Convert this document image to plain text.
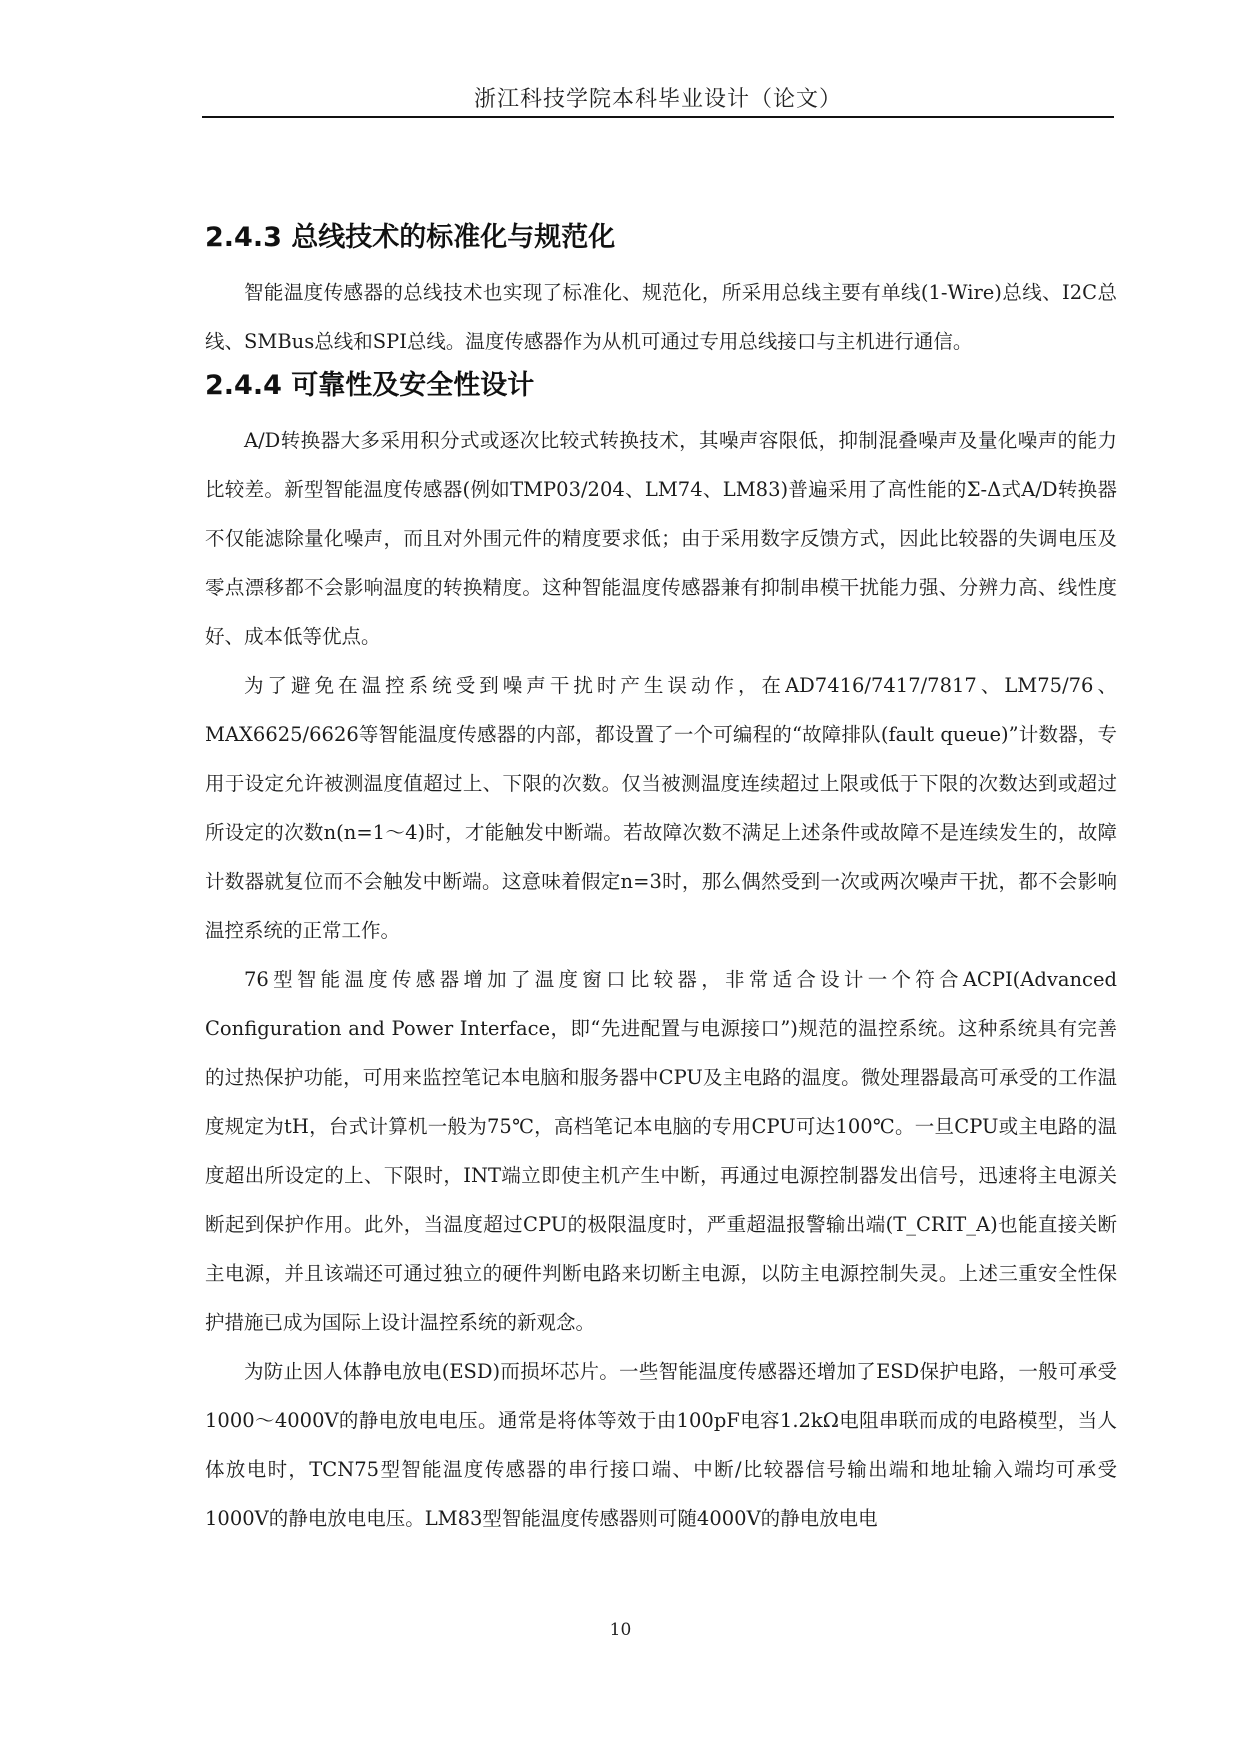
浙江科技学院本科毕业设计（论文）
2.4.3 总线技术的标准化与规范化

智能温度传感器的总线技术也实现了标准化、规范化，所采用总线主要有单线(1-Wire)总线、I2C总线、SMBus总线和SPI总线。温度传感器作为从机可通过专用总线接口与主机进行通信。

2.4.4 可靠性及安全性设计

A/D转换器大多采用积分式或逐次比较式转换技术，其噪声容限低，抑制混叠噪声及量化噪声的能力比较差。新型智能温度传感器(例如TMP03/204、LM74、LM83)普遍采用了高性能的Σ-Δ式A/D转换器不仅能滤除量化噪声，而且对外围元件的精度要求低；由于采用数字反馈方式，因此比较器的失调电压及零点漂移都不会影响温度的转换精度。这种智能温度传感器兼有抑制串模干扰能力强、分辨力高、线性度好、成本低等优点。

为了避免在温控系统受到噪声干扰时产生误动作，在AD7416/7417/7817、LM75/76、MAX6625/6626等智能温度传感器的内部，都设置了一个可编程的“故障排队(fault queue)”计数器，专用于设定允许被测温度值超过上、下限的次数。仅当被测温度连续超过上限或低于下限的次数达到或超过所设定的次数n(n=1～4)时，才能触发中断端。若故障次数不满足上述条件或故障不是连续发生的，故障计数器就复位而不会触发中断端。这意味着假定n=3时，那么偶然受到一次或两次噪声干扰，都不会影响温控系统的正常工作。

76型智能温度传感器增加了温度窗口比较器，非常适合设计一个符合ACPI(Advanced Configuration and Power Interface，即“先进配置与电源接口”)规范的温控系统。这种系统具有完善的过热保护功能，可用来监控笔记本电脑和服务器中CPU及主电路的温度。微处理器最高可承受的工作温度规定为tH，台式计算机一般为75℃，高档笔记本电脑的专用CPU可达100℃。一旦CPU或主电路的温度超出所设定的上、下限时，INT端立即使主机产生中断，再通过电源控制器发出信号，迅速将主电源关断起到保护作用。此外，当温度超过CPU的极限温度时，严重超温报警输出端(T_CRIT_A)也能直接关断主电源，并且该端还可通过独立的硬件判断电路来切断主电源，以防主电源控制失灵。上述三重安全性保护措施已成为国际上设计温控系统的新观念。

为防止因人体静电放电(ESD)而损坏芯片。一些智能温度传感器还增加了ESD保护电路，一般可承受1000～4000V的静电放电电压。通常是将体等效于由100pF电容1.2kΩ电阻串联而成的电路模型，当人体放电时，TCN75型智能温度传感器的串行接口端、中断/比较器信号输出端和地址输入端均可承受1000V的静电放电电压。LM83型智能温度传感器则可随4000V的静电放电电

10
